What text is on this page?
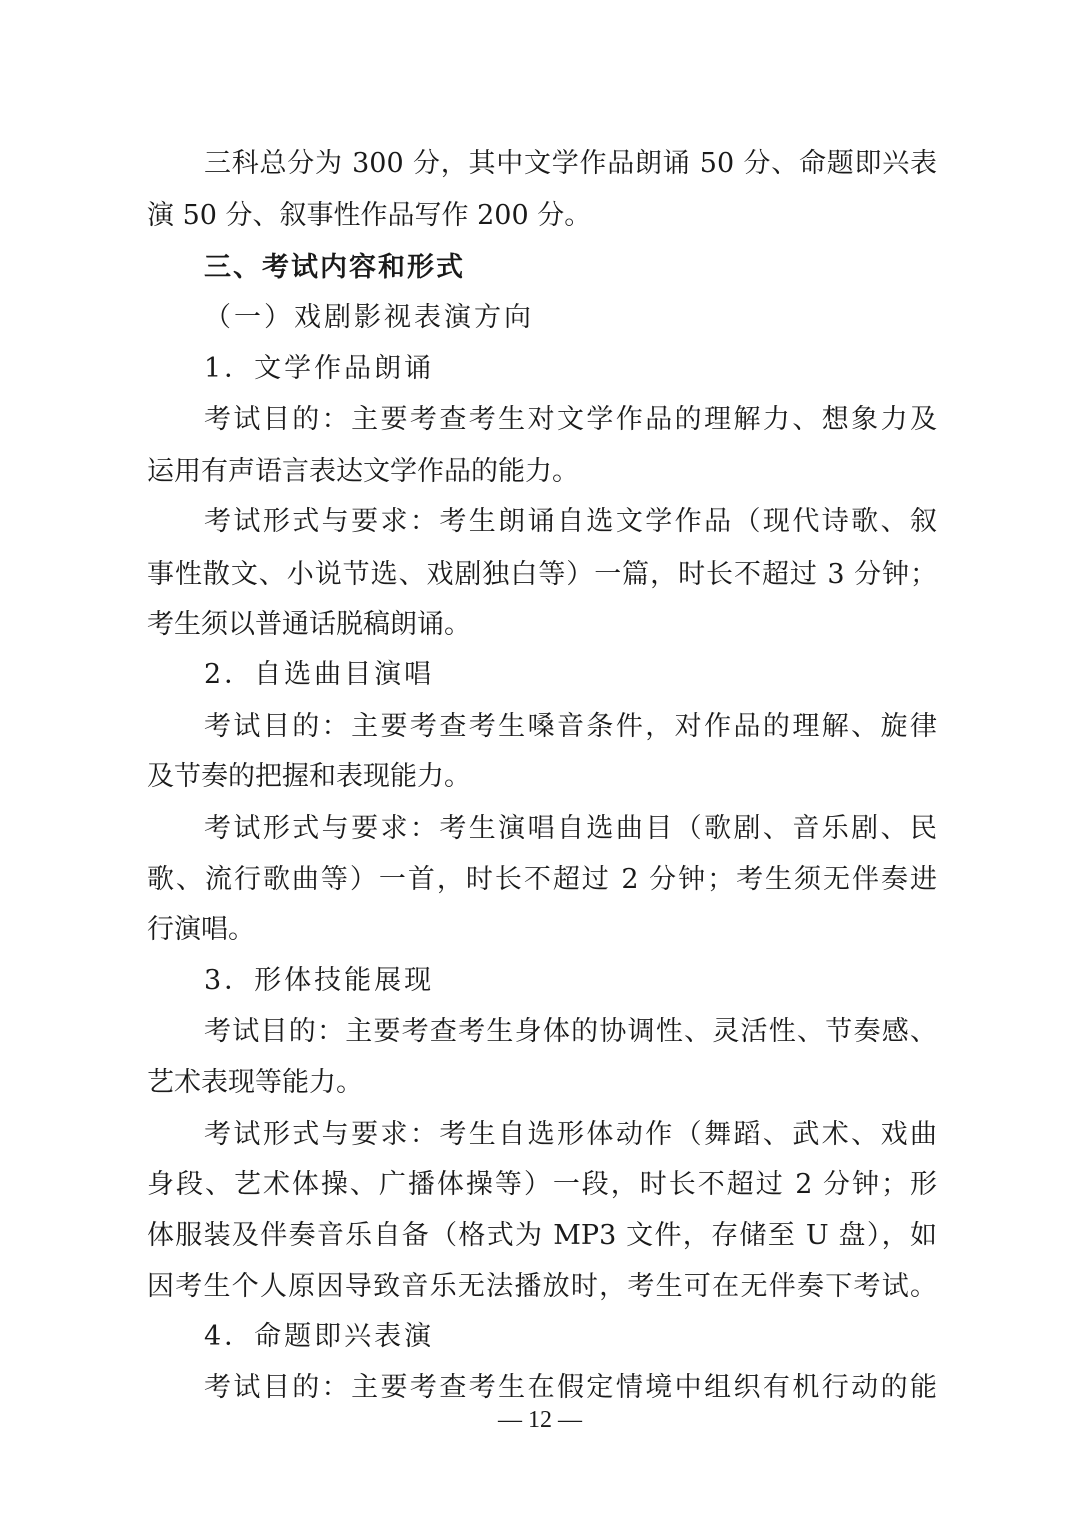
三科总分为 300 分，其中文学作品朗诵 50 分、命题即兴表
演 50 分、叙事性作品写作 200 分。
三、考试内容和形式
（一）戏剧影视表演方向
1．文学作品朗诵
考试目的：主要考查考生对文学作品的理解力、想象力及
运用有声语言表达文学作品的能力。
考试形式与要求：考生朗诵自选文学作品（现代诗歌、叙
事性散文、小说节选、戏剧独白等）一篇，时长不超过 3 分钟；
考生须以普通话脱稿朗诵。
2．自选曲目演唱
考试目的：主要考查考生嗓音条件，对作品的理解、旋律
及节奏的把握和表现能力。
考试形式与要求：考生演唱自选曲目（歌剧、音乐剧、民
歌、流行歌曲等）一首，时长不超过 2 分钟；考生须无伴奏进
行演唱。
3．形体技能展现
考试目的：主要考查考生身体的协调性、灵活性、节奏感、
艺术表现等能力。
考试形式与要求：考生自选形体动作（舞蹈、武术、戏曲
身段、艺术体操、广播体操等）一段，时长不超过 2 分钟；形
体服装及伴奏音乐自备（格式为 MP3 文件，存储至 U 盘），如
因考生个人原因导致音乐无法播放时，考生可在无伴奏下考试。
4．命题即兴表演
考试目的：主要考查考生在假定情境中组织有机行动的能
— 12 —
